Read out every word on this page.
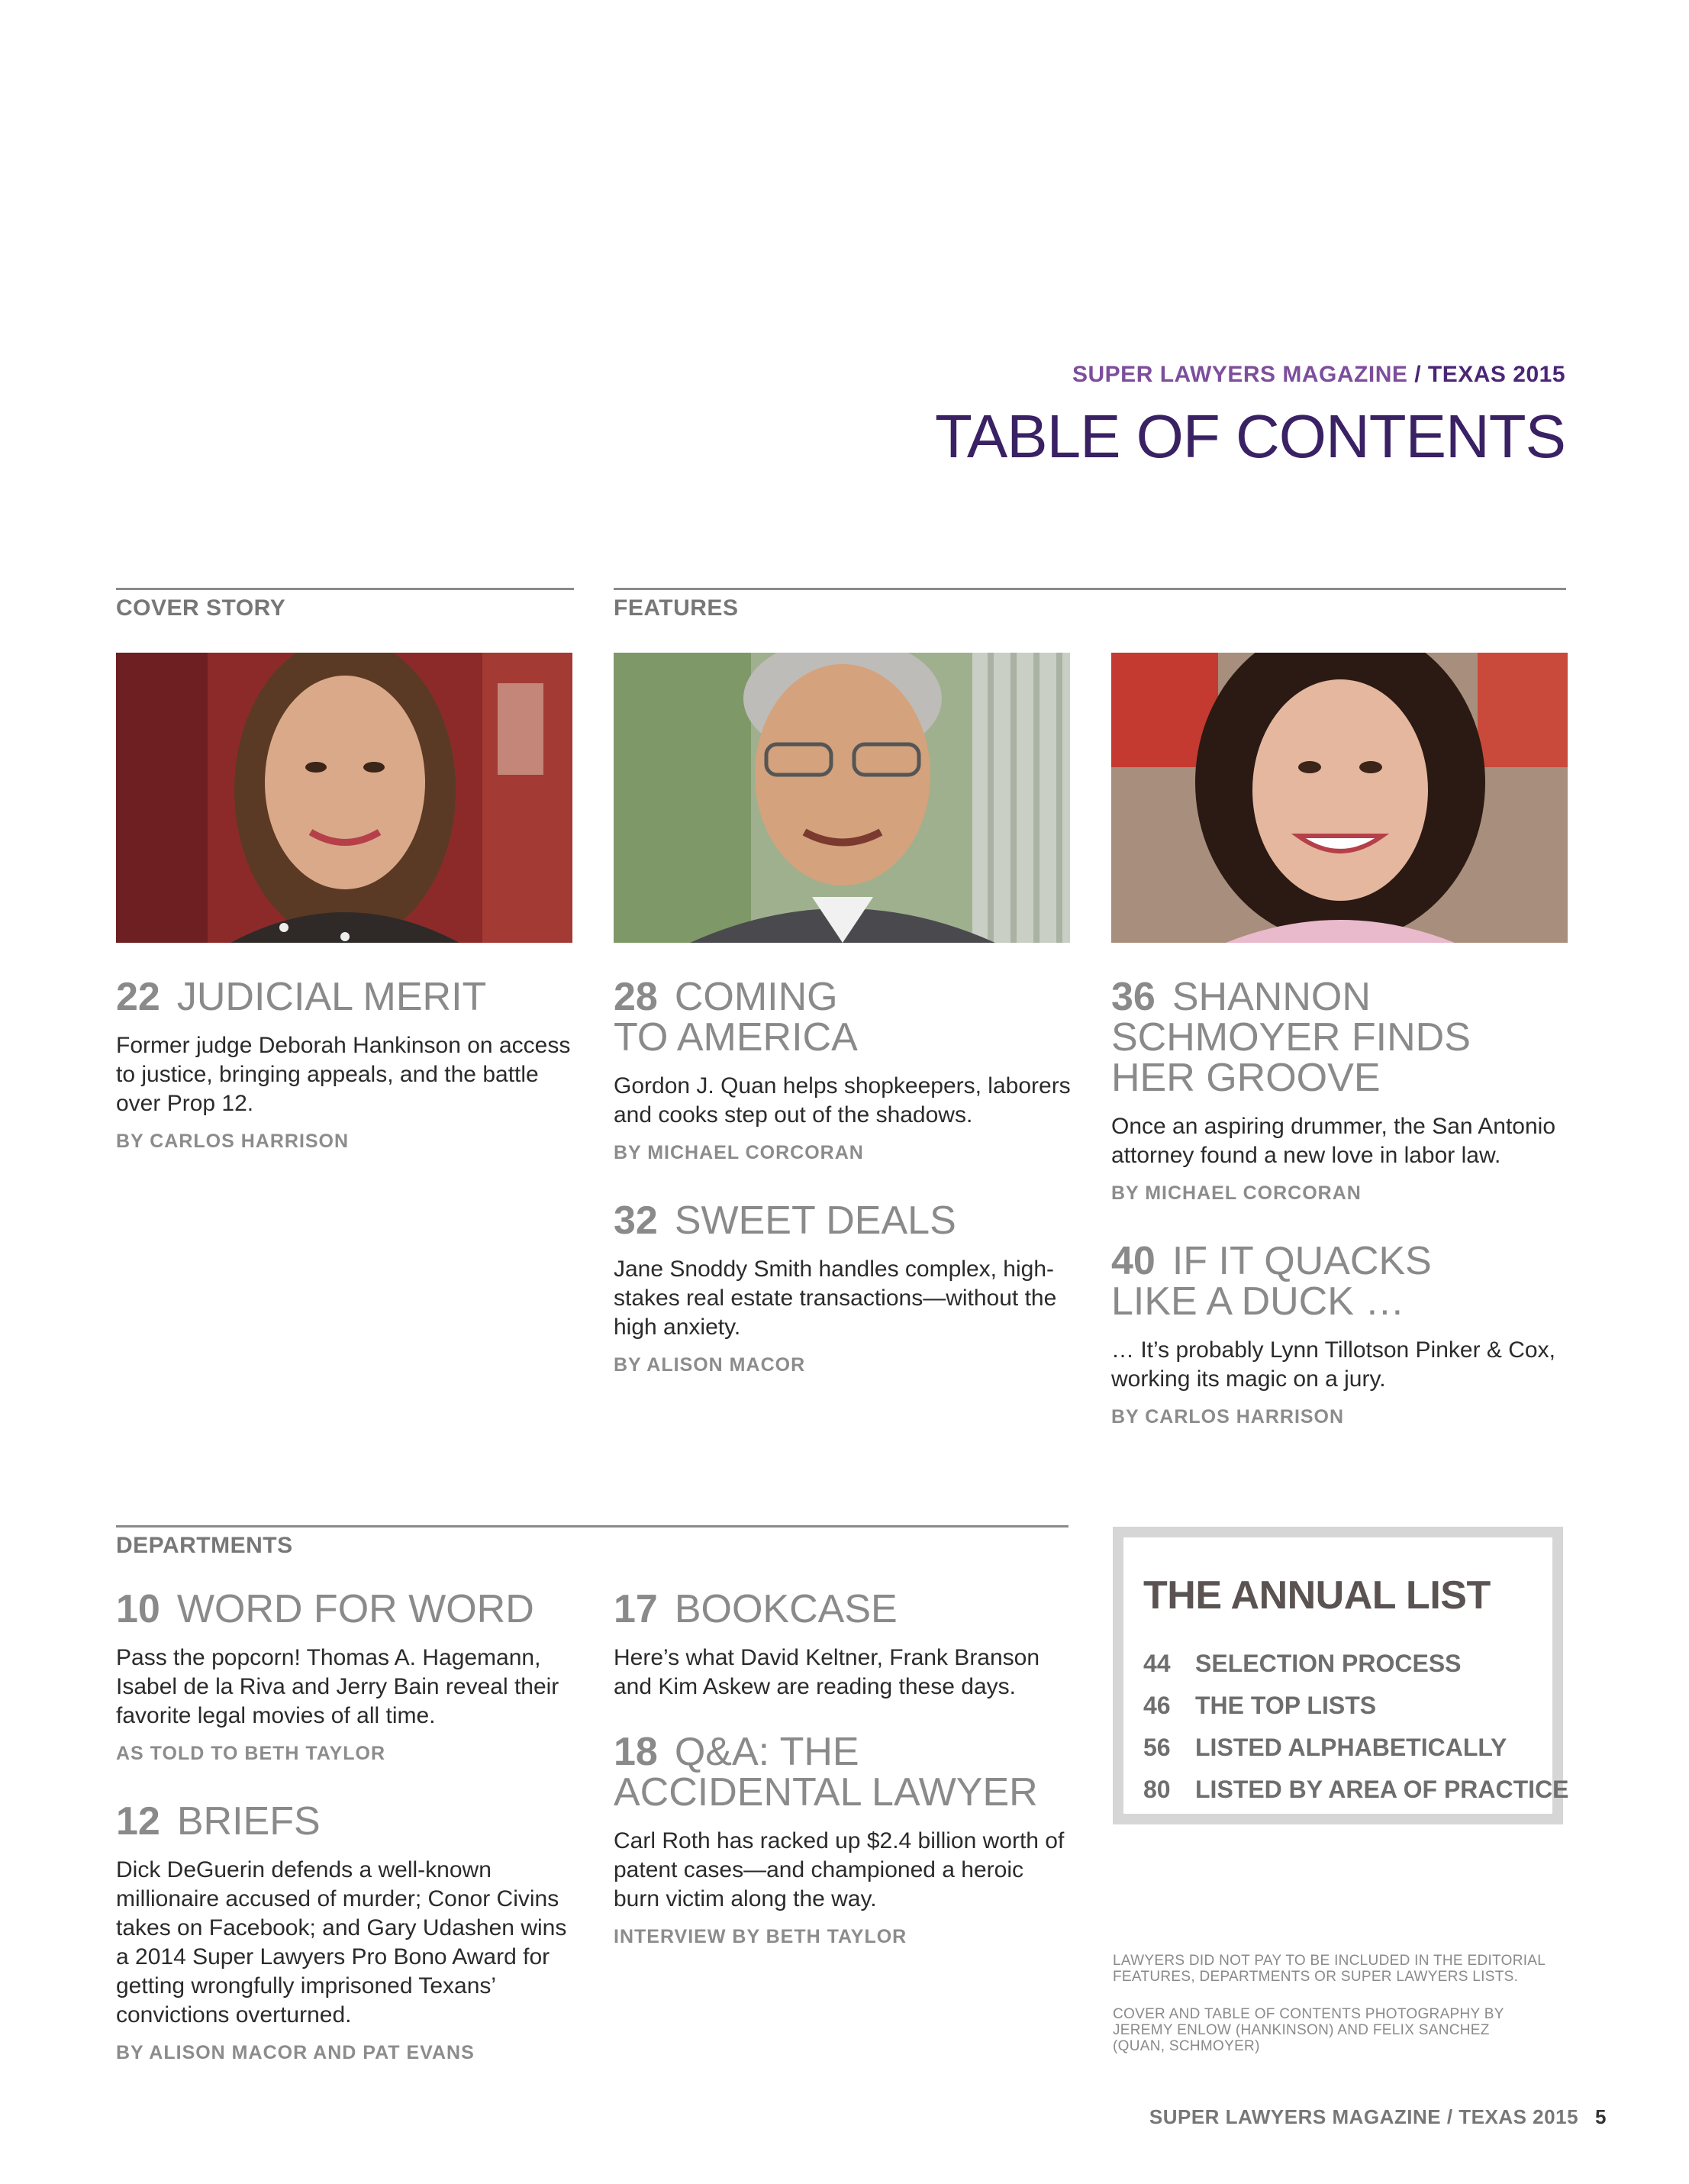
SUPER LAWYERS MAGAZINE / TEXAS 2015
TABLE OF CONTENTS
COVER STORY	FEATURES
22 JUDICIAL MERIT

Former judge Deborah Hankinson on access to justice, bringing appeals, and the battle over Prop 12.

BY CARLOS HARRISON

28 COMING
TO AMERICA

Gordon J. Quan helps shopkeepers, laborers and cooks step out of the shadows.

BY MICHAEL CORCORAN

32 SWEET DEALS

Jane Snoddy Smith handles complex, high-stakes real estate transactions—without the high anxiety.

BY ALISON MACOR

36 SHANNON
SCHMOYER FINDS
HER GROOVE

Once an aspiring drummer, the San Antonio attorney found a new love in labor law.

BY MICHAEL CORCORAN

40 IF IT QUACKS
LIKE A DUCK …

… It’s probably Lynn Tillotson Pinker & Cox, working its magic on a jury.

BY CARLOS HARRISON

DEPARTMENTS
10 WORD FOR WORD

Pass the popcorn! Thomas A. Hagemann, Isabel de la Riva and Jerry Bain reveal their favorite legal movies of all time.

AS TOLD TO BETH TAYLOR

12 BRIEFS

Dick DeGuerin defends a well-known millionaire accused of murder; Conor Civins takes on Facebook; and Gary Udashen wins a 2014 Super Lawyers Pro Bono Award for getting wrongfully imprisoned Texans’ convictions overturned.

BY ALISON MACOR AND PAT EVANS

17 BOOKCASE

Here’s what David Keltner, Frank Branson and Kim Askew are reading these days.

18 Q&A: THE
ACCIDENTAL LAWYER

Carl Roth has racked up $2.4 billion worth of patent cases—and championed a heroic burn victim along the way.

INTERVIEW BY BETH TAYLOR

THE ANNUAL LIST
44 SELECTION PROCESS
46 THE TOP LISTS
56 LISTED ALPHABETICALLY
80 LISTED BY AREA OF PRACTICE
LAWYERS DID NOT PAY TO BE INCLUDED IN THE EDITORIAL FEATURES, DEPARTMENTS OR SUPER LAWYERS LISTS.
COVER AND TABLE OF CONTENTS PHOTOGRAPHY BY JEREMY ENLOW (HANKINSON) AND FELIX SANCHEZ (QUAN, SCHMOYER)
SUPER LAWYERS MAGAZINE / TEXAS 2015 5
